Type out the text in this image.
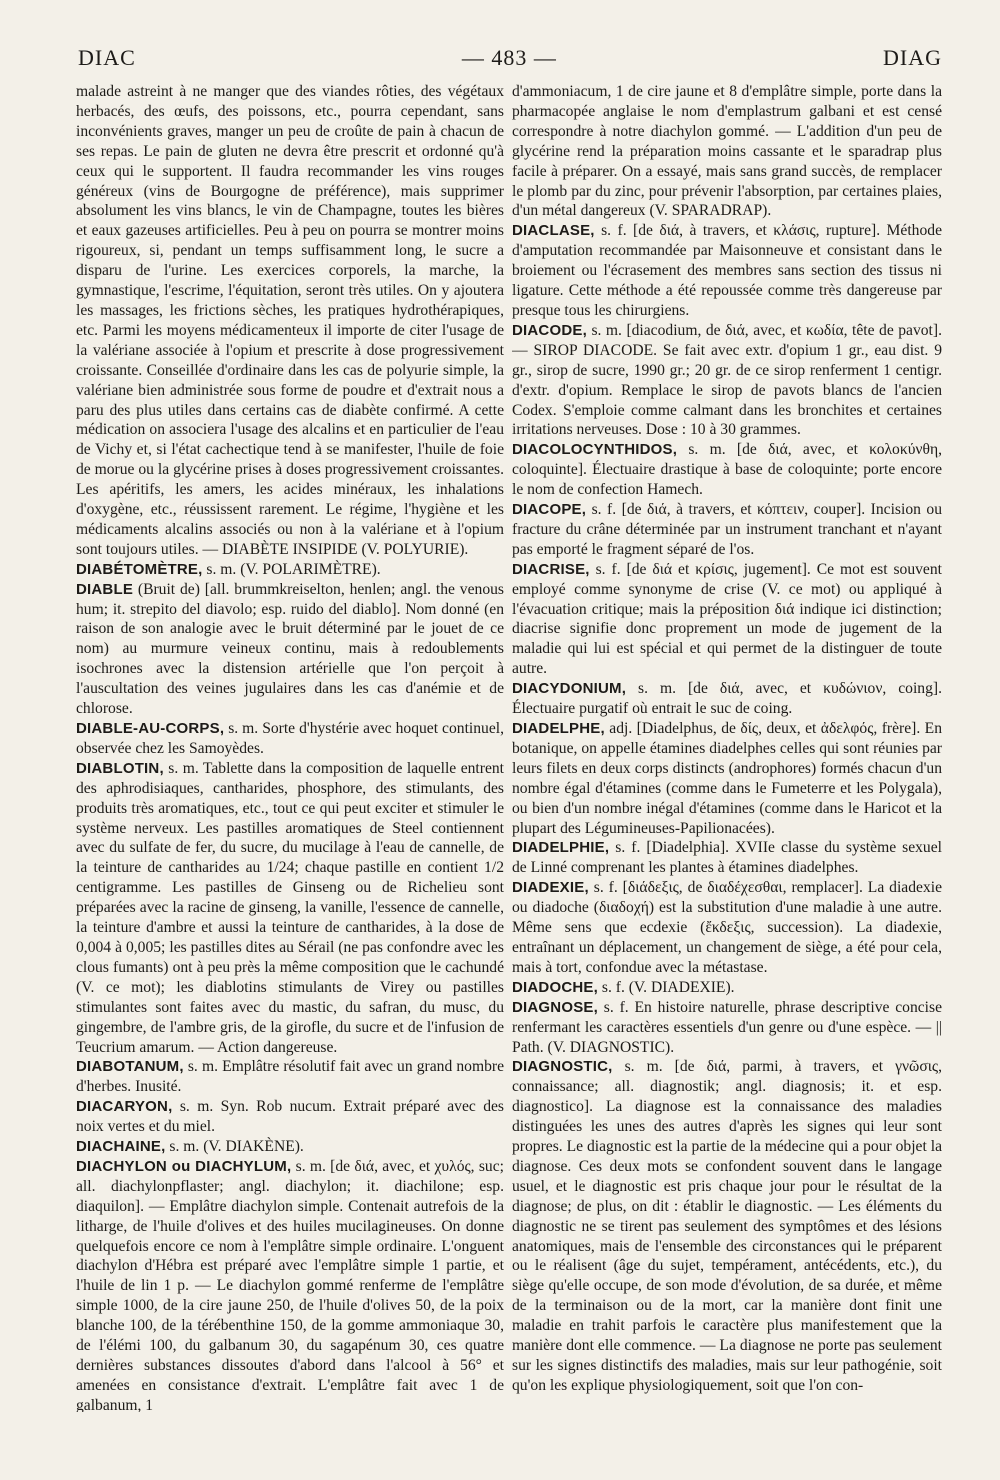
DIAC	— 483 —	DIAG

malade astreint à ne manger que des viandes rôties, des végétaux herbacés, des œufs, des poissons, etc., pourra cependant, sans inconvénients graves, manger un peu de croûte de pain à chacun de ses repas. Le pain de gluten ne devra être prescrit et ordonné qu'à ceux qui le supportent. Il faudra recommander les vins rouges généreux (vins de Bourgogne de préférence), mais supprimer absolument les vins blancs, le vin de Champagne, toutes les bières et eaux gazeuses artificielles. Peu à peu on pourra se montrer moins rigoureux, si, pendant un temps suffisamment long, le sucre a disparu de l'urine. Les exercices corporels, la marche, la gymnastique, l'escrime, l'équitation, seront très utiles. On y ajoutera les massages, les frictions sèches, les pratiques hydrothérapiques, etc. Parmi les moyens médicamenteux il importe de citer l'usage de la valériane associée à l'opium et prescrite à dose progressivement croissante. Conseillée d'ordinaire dans les cas de polyurie simple, la valériane bien administrée sous forme de poudre et d'extrait nous a paru des plus utiles dans certains cas de diabète confirmé. A cette médication on associera l'usage des alcalins et en particulier de l'eau de Vichy et, si l'état cachectique tend à se manifester, l'huile de foie de morue ou la glycérine prises à doses progressivement croissantes. Les apéritifs, les amers, les acides minéraux, les inhalations d'oxygène, etc., réussissent rarement. Le régime, l'hygiène et les médicaments alcalins associés ou non à la valériane et à l'opium sont toujours utiles. — DIABÈTE INSIPIDE (V. POLYURIE).

DIABÉTOMÈTRE, s. m. (V. POLARIMÈTRE).

DIABLE (Bruit de) [all. brummkreiselton, henlen; angl. the venous hum; it. strepito del diavolo; esp. ruido del diablo]. Nom donné (en raison de son analogie avec le bruit déterminé par le jouet de ce nom) au murmure veineux continu, mais à redoublements isochrones avec la distension artérielle que l'on perçoit à l'auscultation des veines jugulaires dans les cas d'anémie et de chlorose.

DIABLE-AU-CORPS, s. m. Sorte d'hystérie avec hoquet continuel, observée chez les Samoyèdes.

DIABLOTIN, s. m. Tablette dans la composition de laquelle entrent des aphrodisiaques, cantharides, phosphore, des stimulants, des produits très aromatiques, etc., tout ce qui peut exciter et stimuler le système nerveux. Les pastilles aromatiques de Steel contiennent avec du sulfate de fer, du sucre, du mucilage à l'eau de cannelle, de la teinture de cantharides au 1/24; chaque pastille en contient 1/2 centigramme. Les pastilles de Ginseng ou de Richelieu sont préparées avec la racine de ginseng, la vanille, l'essence de cannelle, la teinture d'ambre et aussi la teinture de cantharides, à la dose de 0,004 à 0,005; les pastilles dites au Sérail (ne pas confondre avec les clous fumants) ont à peu près la même composition que le cachundé (V. ce mot); les diablotins stimulants de Virey ou pastilles stimulantes sont faites avec du mastic, du safran, du musc, du gingembre, de l'ambre gris, de la girofle, du sucre et de l'infusion de Teucrium amarum. — Action dangereuse.

DIABOTANUM, s. m. Emplâtre résolutif fait avec un grand nombre d'herbes. Inusité.

DIACARYON, s. m. Syn. Rob nucum. Extrait préparé avec des noix vertes et du miel.

DIACHAINE, s. m. (V. DIAKÈNE).

DIACHYLON ou DIACHYLUM, s. m. [de διά, avec, et χυλός, suc; all. diachylonpflaster; angl. diachylon; it. diachilone; esp. diaquilon]. — Emplâtre diachylon simple. Contenait autrefois de la litharge, de l'huile d'olives et des huiles mucilagineuses. On donne quelquefois encore ce nom à l'emplâtre simple ordinaire. L'onguent diachylon d'Hébra est préparé avec l'emplâtre simple 1 partie, et l'huile de lin 1 p. — Le diachylon gommé renferme de l'emplâtre simple 1000, de la cire jaune 250, de l'huile d'olives 50, de la poix blanche 100, de la térébenthine 150, de la gomme ammoniaque 30, de l'élémi 100, du galbanum 30, du sagapénum 30, ces quatre dernières substances dissoutes d'abord dans l'alcool à 56° et amenées en consistance d'extrait. L'emplâtre fait avec 1 de galbanum, 1

d'ammoniacum, 1 de cire jaune et 8 d'emplâtre simple, porte dans la pharmacopée anglaise le nom d'emplastrum galbani et est censé correspondre à notre diachylon gommé. — L'addition d'un peu de glycérine rend la préparation moins cassante et le sparadrap plus facile à préparer. On a essayé, mais sans grand succès, de remplacer le plomb par du zinc, pour prévenir l'absorption, par certaines plaies, d'un métal dangereux (V. SPARADRAP).

DIACLASE, s. f. [de διά, à travers, et κλάσις, rupture]. Méthode d'amputation recommandée par Maisonneuve et consistant dans le broiement ou l'écrasement des membres sans section des tissus ni ligature. Cette méthode a été repoussée comme très dangereuse par presque tous les chirurgiens.

DIACODE, s. m. [diacodium, de διά, avec, et κωδία, tête de pavot]. — SIROP DIACODE. Se fait avec extr. d'opium 1 gr., eau dist. 9 gr., sirop de sucre, 1990 gr.; 20 gr. de ce sirop renferment 1 centigr. d'extr. d'opium. Remplace le sirop de pavots blancs de l'ancien Codex. S'emploie comme calmant dans les bronchites et certaines irritations nerveuses. Dose : 10 à 30 grammes.

DIACOLOCYNTHIDOS, s. m. [de διά, avec, et κολοκύνθη, coloquinte]. Électuaire drastique à base de coloquinte; porte encore le nom de confection Hamech.

DIACOPE, s. f. [de διά, à travers, et κόπτειν, couper]. Incision ou fracture du crâne déterminée par un instrument tranchant et n'ayant pas emporté le fragment séparé de l'os.

DIACRISE, s. f. [de διά et κρίσις, jugement]. Ce mot est souvent employé comme synonyme de crise (V. ce mot) ou appliqué à l'évacuation critique; mais la préposition διά indique ici distinction; diacrise signifie donc proprement un mode de jugement de la maladie qui lui est spécial et qui permet de la distinguer de toute autre.

DIACYDONIUM, s. m. [de διά, avec, et κυδώνιον, coing]. Électuaire purgatif où entrait le suc de coing.

DIADELPHE, adj. [Diadelphus, de δίς, deux, et ἀδελφός, frère]. En botanique, on appelle étamines diadelphes celles qui sont réunies par leurs filets en deux corps distincts (androphores) formés chacun d'un nombre égal d'étamines (comme dans le Fumeterre et les Polygala), ou bien d'un nombre inégal d'étamines (comme dans le Haricot et la plupart des Légumineuses-Papilionacées).

DIADELPHIE, s. f. [Diadelphia]. XVIIe classe du système sexuel de Linné comprenant les plantes à étamines diadelphes.

DIADEXIE, s. f. [διάδεξις, de διαδέχεσθαι, remplacer]. La diadexie ou diadoche (διαδοχή) est la substitution d'une maladie à une autre. Même sens que ecdexie (ἔκδεξις, succession). La diadexie, entraînant un déplacement, un changement de siège, a été pour cela, mais à tort, confondue avec la métastase.

DIADOCHE, s. f. (V. DIADEXIE).

DIAGNOSE, s. f. En histoire naturelle, phrase descriptive concise renfermant les caractères essentiels d'un genre ou d'une espèce. — || Path. (V. DIAGNOSTIC).

DIAGNOSTIC, s. m. [de διά, parmi, à travers, et γνῶσις, connaissance; all. diagnostik; angl. diagnosis; it. et esp. diagnostico]. La diagnose est la connaissance des maladies distinguées les unes des autres d'après les signes qui leur sont propres. Le diagnostic est la partie de la médecine qui a pour objet la diagnose. Ces deux mots se confondent souvent dans le langage usuel, et le diagnostic est pris chaque jour pour le résultat de la diagnose; de plus, on dit : établir le diagnostic. — Les éléments du diagnostic ne se tirent pas seulement des symptômes et des lésions anatomiques, mais de l'ensemble des circonstances qui le préparent ou le réalisent (âge du sujet, tempérament, antécédents, etc.), du siège qu'elle occupe, de son mode d'évolution, de sa durée, et même de la terminaison ou de la mort, car la manière dont finit une maladie en trahit parfois le caractère plus manifestement que la manière dont elle commence. — La diagnose ne porte pas seulement sur les signes distinctifs des maladies, mais sur leur pathogénie, soit qu'on les explique physiologiquement, soit que l'on con-
